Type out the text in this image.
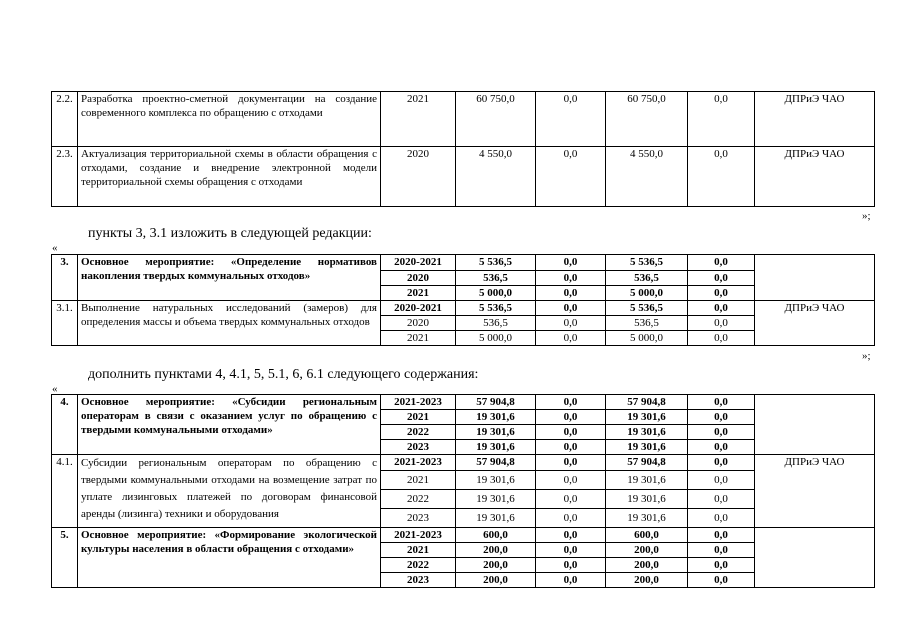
2.2.	Разработка проектно-сметной документации на создание современного комплекса по обращению с отходами	2021	60 750,0	0,0	60 750,0	0,0	ДПРиЭ ЧАО
2.3.	Актуализация территориальной схемы в области обращения с отходами, создание и внедрение электронной модели территориальной схемы обращения с отходами	2020	4 550,0	0,0	4 550,0	0,0	ДПРиЭ ЧАО
»;
пункты 3, 3.1 изложить в следующей редакции:
«
3.	Основное мероприятие: «Определение нормативов накопления твердых коммунальных отходов»	2020-2021	5 536,5	0,0	5 536,5	0,0	
		2020	536,5	0,0	536,5	0,0	
		2021	5 000,0	0,0	5 000,0	0,0	
3.1.	Выполнение натуральных исследований (замеров) для определения массы и объема твердых коммунальных отходов	2020-2021	5 536,5	0,0	5 536,5	0,0	ДПРиЭ ЧАО
		2020	536,5	0,0	536,5	0,0	
		2021	5 000,0	0,0	5 000,0	0,0	
»;
дополнить пунктами 4, 4.1, 5, 5.1, 6, 6.1 следующего содержания:
«
4.	Основное мероприятие: «Субсидии региональным операторам в связи с оказанием услуг по обращению с твердыми коммунальными отходами»	2021-2023	57 904,8	0,0	57 904,8	0,0	
		2021	19 301,6	0,0	19 301,6	0,0	
		2022	19 301,6	0,0	19 301,6	0,0	
		2023	19 301,6	0,0	19 301,6	0,0	
4.1.	Субсидии региональным операторам по обращению с твердыми коммунальными отходами на возмещение затрат по уплате лизинговых платежей по договорам финансовой аренды (лизинга) техники и оборудования	2021-2023	57 904,8	0,0	57 904,8	0,0	ДПРиЭ ЧАО
		2021	19 301,6	0,0	19 301,6	0,0	
		2022	19 301,6	0,0	19 301,6	0,0	
		2023	19 301,6	0,0	19 301,6	0,0	
5.	Основное мероприятие: «Формирование экологической культуры населения в области обращения с отходами»	2021-2023	600,0	0,0	600,0	0,0	
		2021	200,0	0,0	200,0	0,0	
		2022	200,0	0,0	200,0	0,0	
		2023	200,0	0,0	200,0	0,0	
